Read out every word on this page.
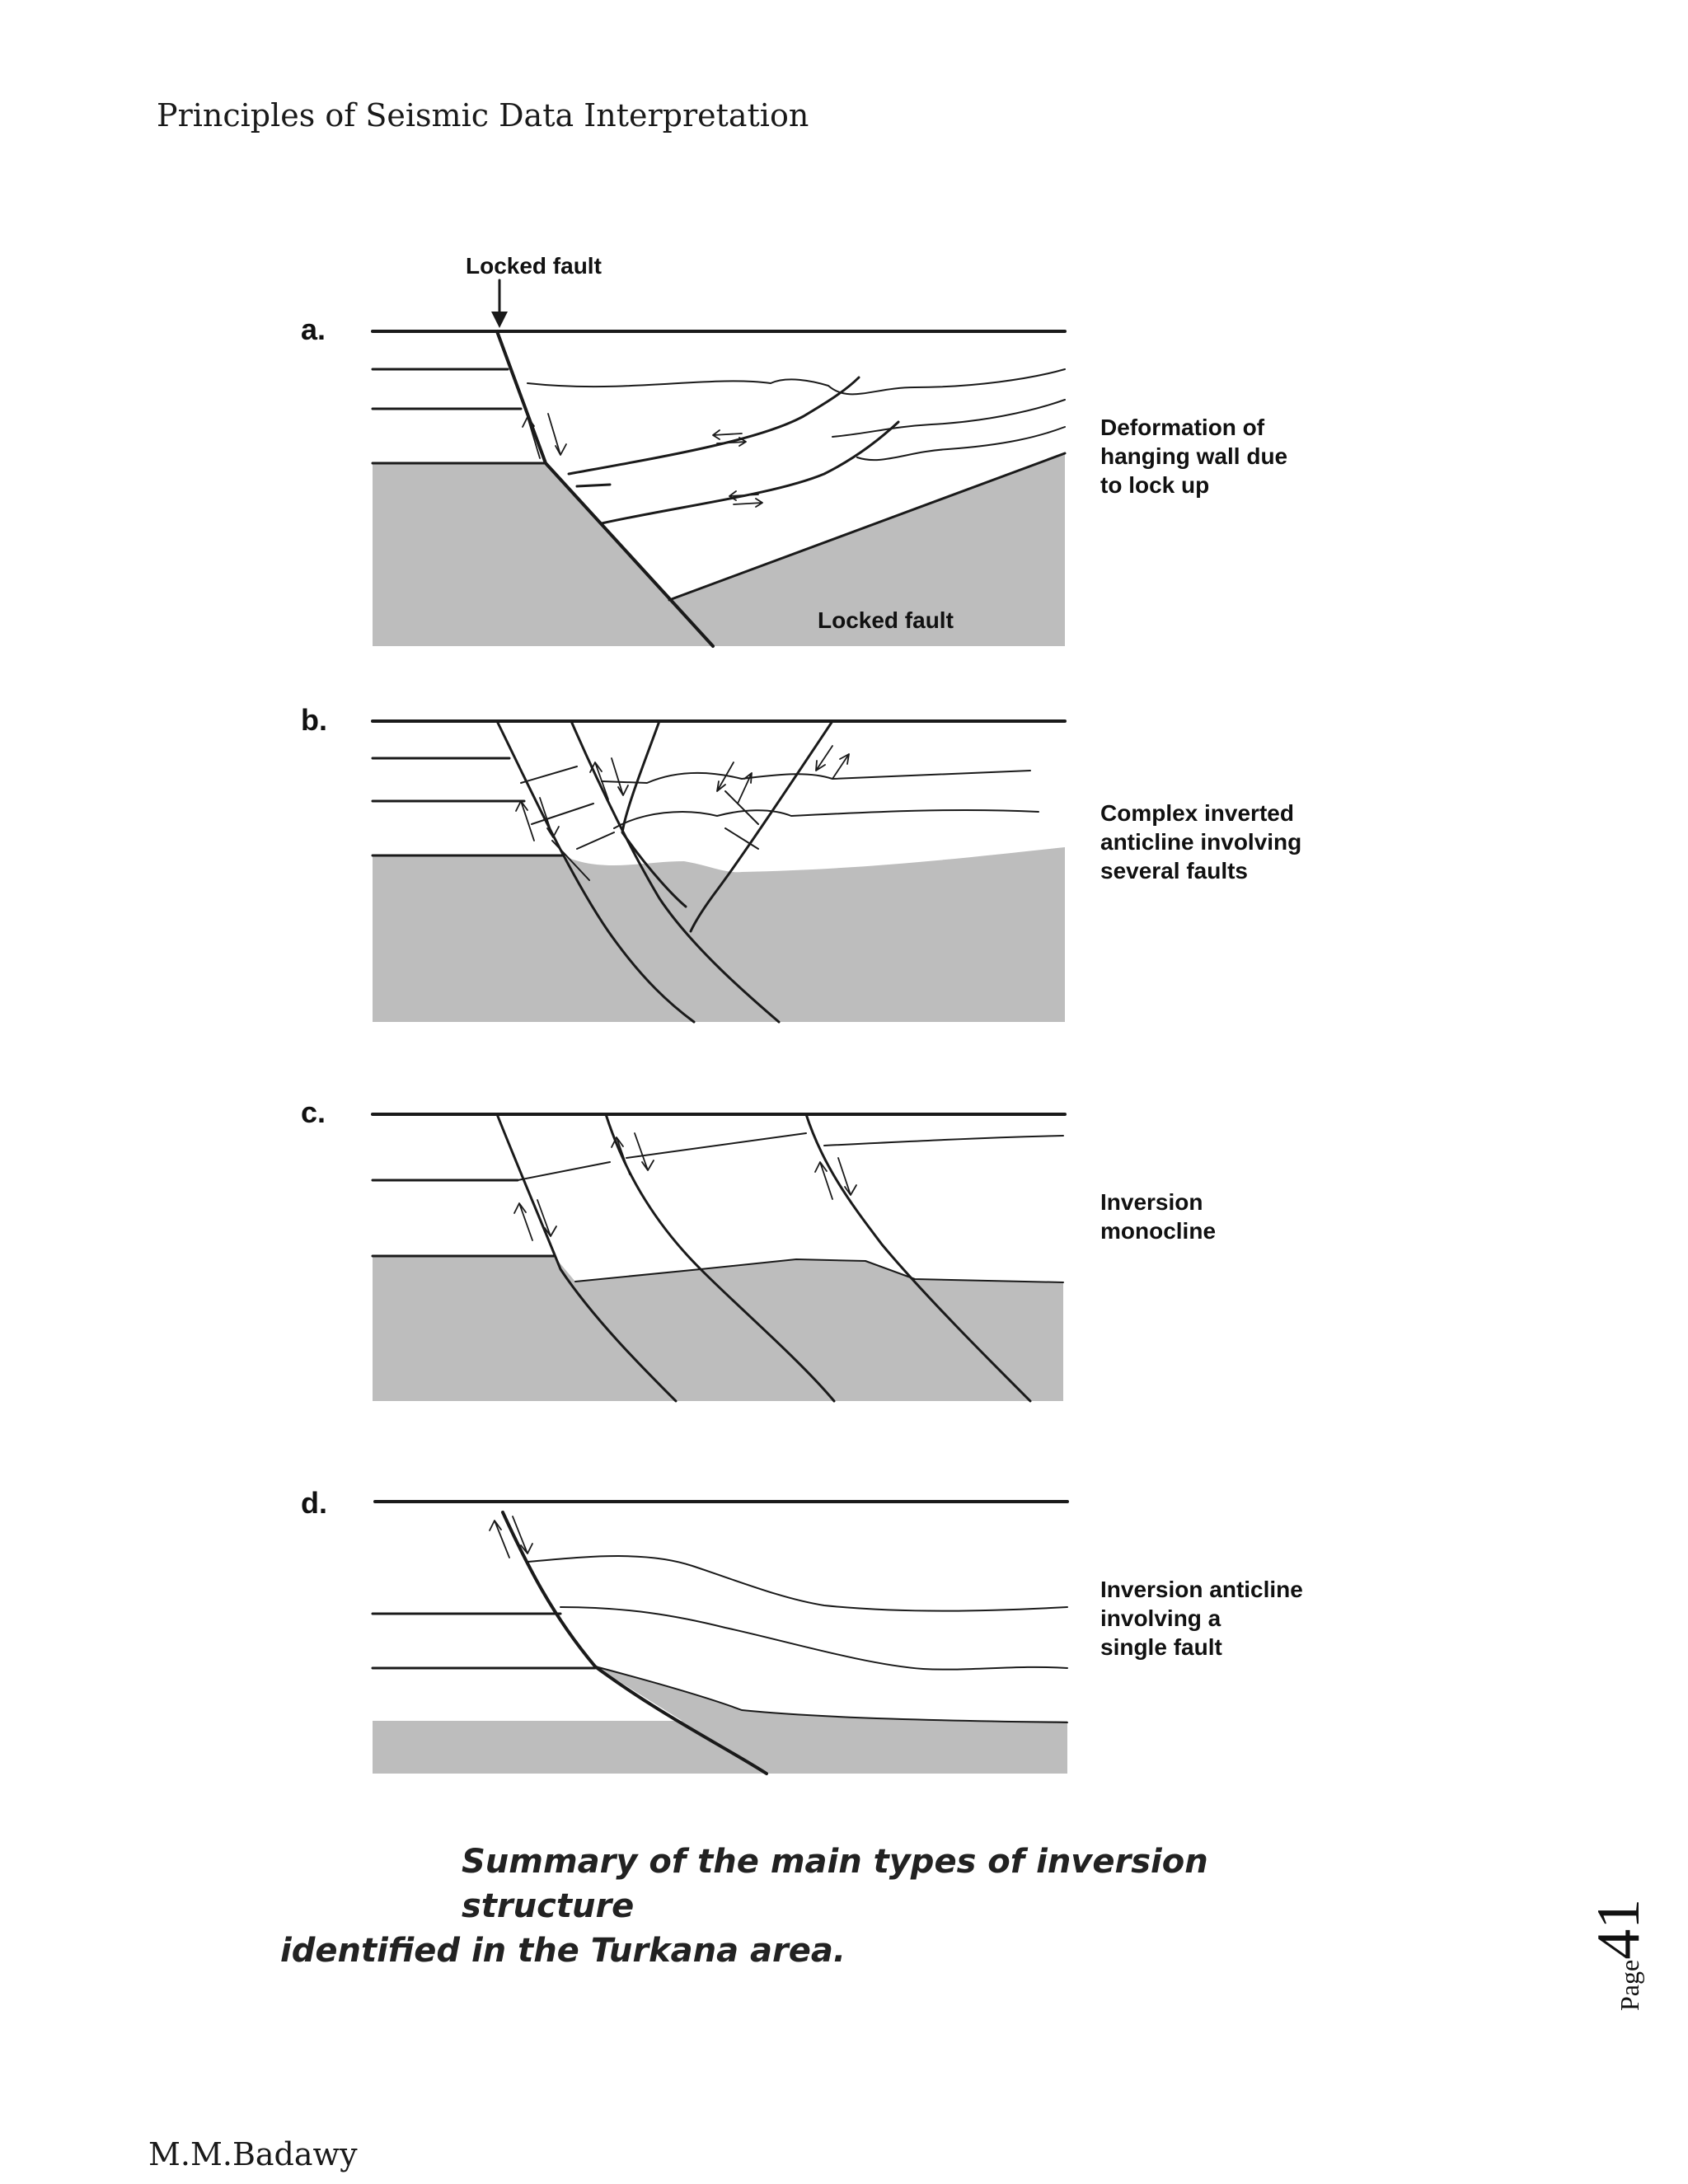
Principles of Seismic Data Interpretation
a.
b.
c.
d.
Locked fault
Locked fault
Deformation of
hanging wall due
to lock up
Complex inverted
anticline involving
several faults
Inversion
monocline
Inversion anticline
involving a
single fault
Summary of the main types of inversion structure
identified in the Turkana area.
Page41
M.M.Badawy
